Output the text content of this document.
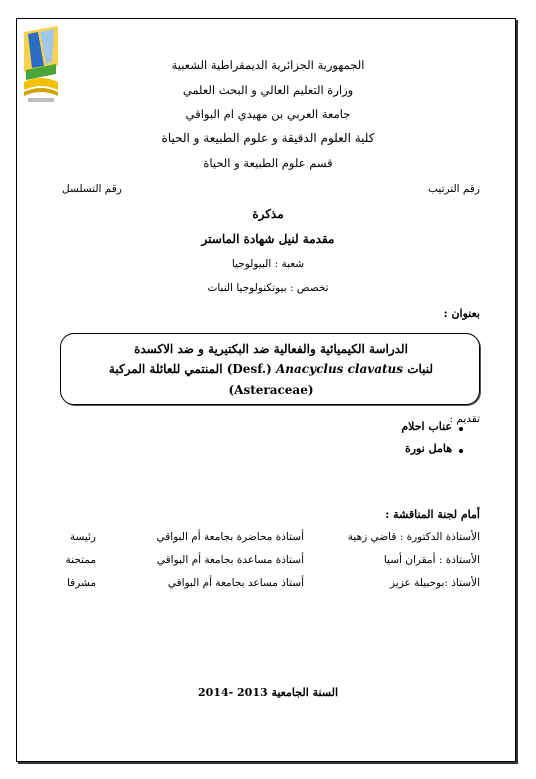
الجمهورية الجزائرية الديمقراطية الشعبية
وزارة التعليم العالي و البحث العلمي
جامعة العربي بن مهيدي ام البواقي
كلية العلوم الدقيقة و علوم الطبيعة و الحياة
قسم علوم الطبيعة و الحياة
رقم الترتيب
رقم التسلسل
مذكرة
مقدمة لنيل شهادة الماستر
شعبة : البيولوجيا
تخصص : بيوتكنولوجيا النبات
بعنوان :
الدراسة الكيميائية والفعالية ضد البكتيرية و ضد الاكسدة
لنبات Anacyclus clavatus (Desf.) المنتمي للعائلة المركبة
(Asteraceae)
تقديم :
عناب احلام
هامل نورة
أمام لجنة المناقشة :
الأستاذة الدكتورة : قاضي زهية
أستاذة محاضرة بجامعة أم البواقي
رئيسة
الأستاذة : أمقران أسيا
أستاذة مساعدة بجامعة أم البواقي
ممتحنة
الأستاذ :بوحبيلة عزيز
أستاذ مساعد بجامعة أم البواقي
مشرفا
السنة الجامعية 2013 -2014
